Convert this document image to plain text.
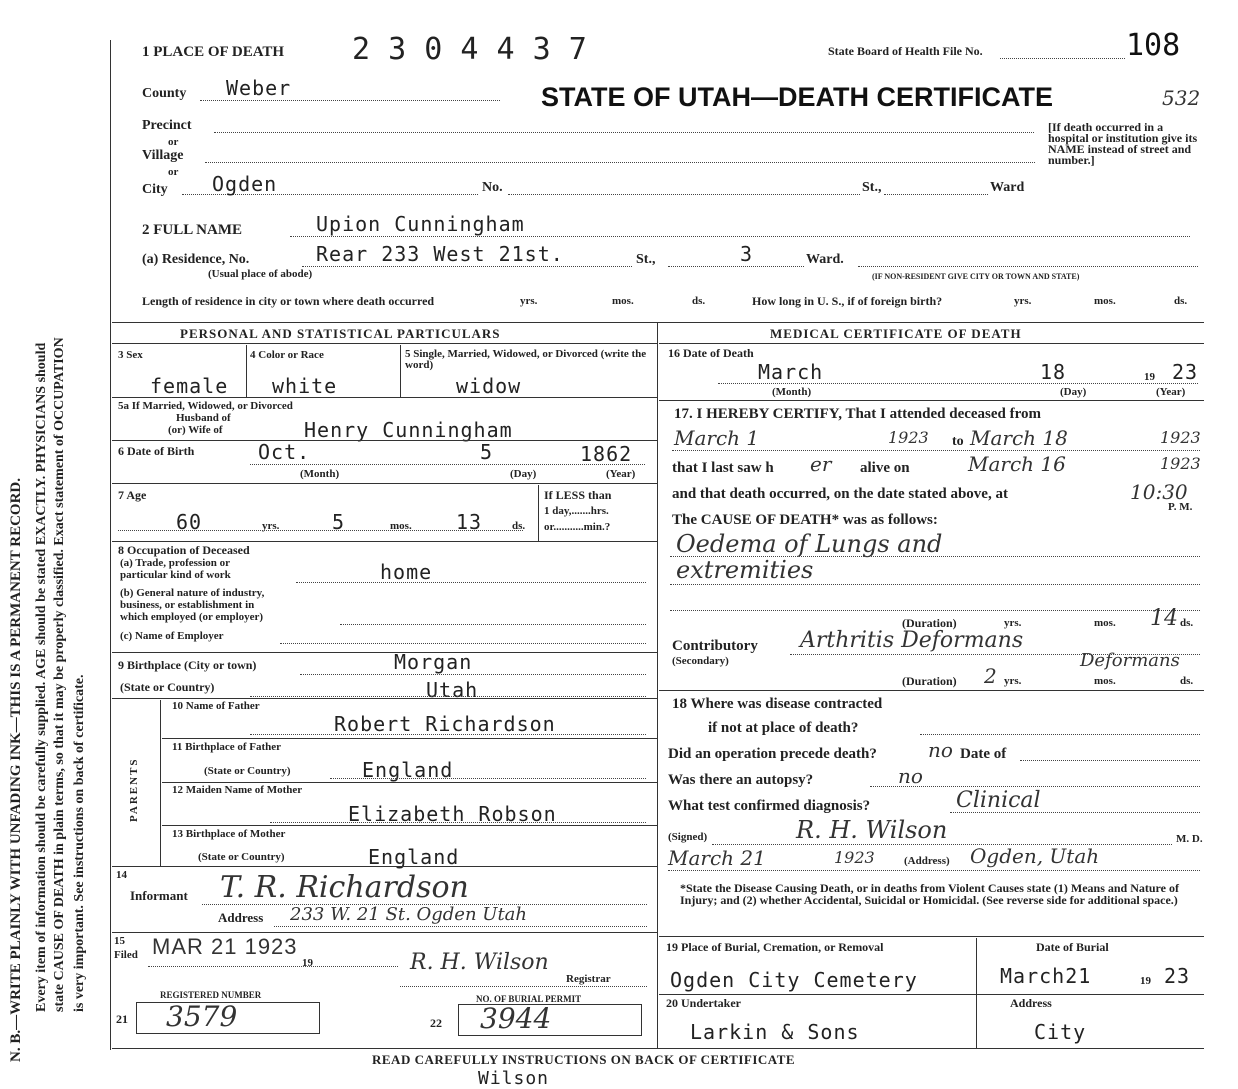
N. B.—WRITE PLAINLY WITH UNFADING INK—THIS IS A PERMANENT RECORD. Every item of information should be carefully supplied. AGE should be stated EXACTLY. PHYSICIANS should state CAUSE OF DEATH in plain terms, so that it may be properly classified. Exact statement of OCCUPATION is very important. See instructions on back of certificate.
1 PLACE OF DEATH 2 3 0 4 4 3 7	State Board of Health File No.	108
County Weber	STATE OF UTAH—DEATH CERTIFICATE	532
Precinct
or
Village
or
City Ogden	No.	St.,	Ward
[If death occurred in a hospital or institution give its NAME instead of street and number.]
2 FULL NAME	Upion Cunningham
(a) Residence, No.
(Usual place of abode)
Rear 233 West 21st.	St.,	3	Ward.
(IF NON-RESIDENT GIVE CITY OR TOWN AND STATE)
Length of residence in city or town where death occurred	yrs.	mos.	ds.	How long in U. S., if of foreign birth?	yrs.	mos.	ds.
PERSONAL AND STATISTICAL PARTICULARS
3 Sex
female
4 Color or Race
white
5 Single, Married, Widowed, or Divorced (write the word)
widow
5a If Married, Widowed, or Divorced
Husband of
(or) Wife of	Henry Cunningham
6 Date of Birth	Oct.	5	1862
(Month)	(Day)	(Year)
7 Age
60	yrs.	5	mos. 13	ds.
If LESS than
1 day,.......hrs.
or...........min.?
8 Occupation of Deceased
(a) Trade, profession or
particular kind of work	home
(b) General nature of industry,
business, or establishment in
which employed (or employer)
(c) Name of Employer
9 Birthplace (City or town)	Morgan
(State or Country)	Utah
PARENTS
10 Name of Father
Robert Richardson
11 Birthplace of Father
(State or Country)	England
12 Maiden Name of Mother
Elizabeth Robson
13 Birthplace of Mother
(State or Country)	England
14
Informant T. R. Richardson
Address 233 W. 21 St. Ogden Utah
15
Filed MAR 21 1923
19	R. H. Wilson
Registrar
REGISTERED NUMBER
21 3579
NO. OF BURIAL PERMIT
22 3944
MEDICAL CERTIFICATE OF DEATH
16 Date of Death
March	18	19 23
(Month)	(Day)	(Year)
17. I HEREBY CERTIFY, That I attended deceased from
March 1	1923 to March 18	1923
that I last saw h er alive on	March 16	1923
and that death occurred, on the date stated above, at	10:30
P. M.
The CAUSE OF DEATH* was as follows:
Oedema of Lungs and
extremities
(Duration)	yrs.	mos. 14 ds.
Contributory
(Secondary)
Arthritis Deformans
Deformans
(Duration) 2 yrs.	mos.	ds.
18 Where was disease contracted
if not at place of death?
Did an operation precede death?	no Date of
Was there an autopsy?	no
What test confirmed diagnosis?	Clinical
(Signed)	R. H. Wilson	M. D.
March 21	1923	(Address) Ogden, Utah
*State the Disease Causing Death, or in deaths from Violent Causes state (1) Means and Nature of Injury; and (2) whether Accidental, Suicidal or Homicidal. (See reverse side for additional space.)
19 Place of Burial, Cremation, or Removal
Ogden City Cemetery
Date of Burial
March21	19 23
20 Undertaker
Larkin & Sons
Address
City
READ CAREFULLY INSTRUCTIONS ON BACK OF CERTIFICATE
Wilson
